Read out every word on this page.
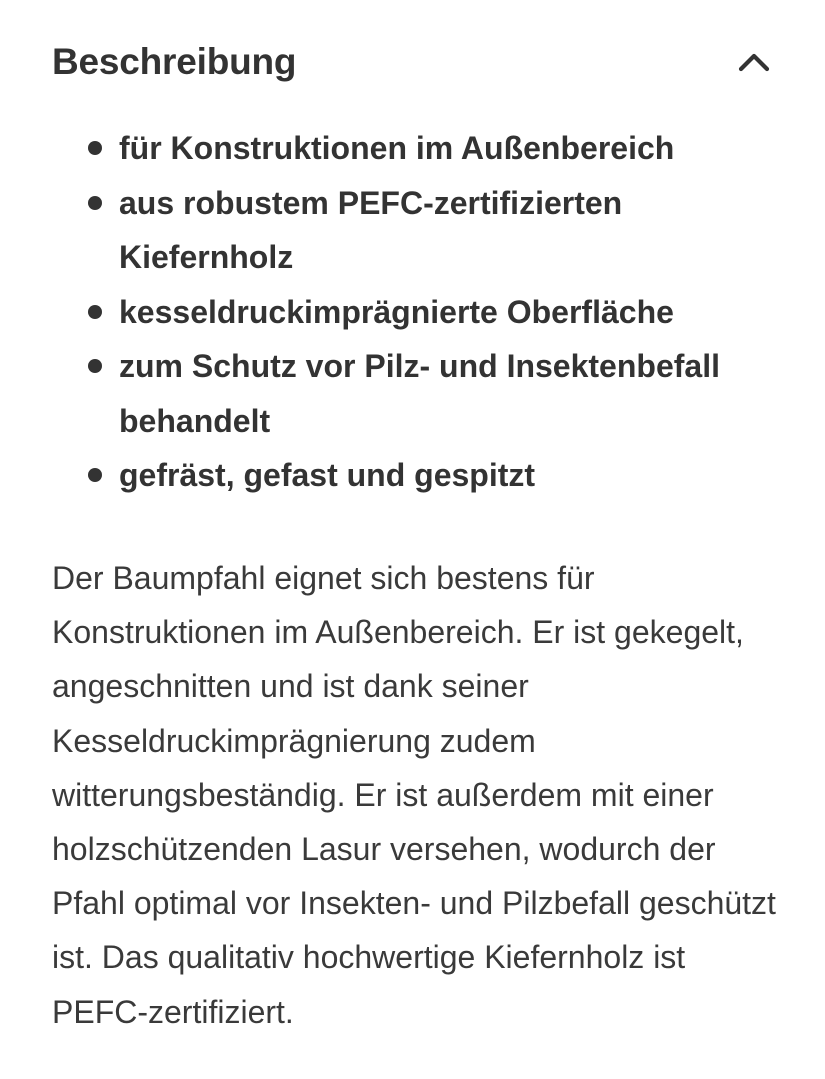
Beschreibung
für Konstruktionen im Außenbereich
aus robustem PEFC-zertifizierten Kiefernholz
kesseldruckimprägnierte Oberfläche
zum Schutz vor Pilz- und Insektenbefall behandelt
gefräst, gefast und gespitzt

Der Baumpfahl eignet sich bestens für Konstruktionen im Außenbereich. Er ist gekegelt, angeschnitten und ist dank seiner Kesseldruckimprägnierung zudem witterungsbeständig. Er ist außerdem mit einer holzschützenden Lasur versehen, wodurch der Pfahl optimal vor Insekten- und Pilzbefall geschützt ist. Das qualitativ hochwertige Kiefernholz ist PEFC-zertifiziert.
